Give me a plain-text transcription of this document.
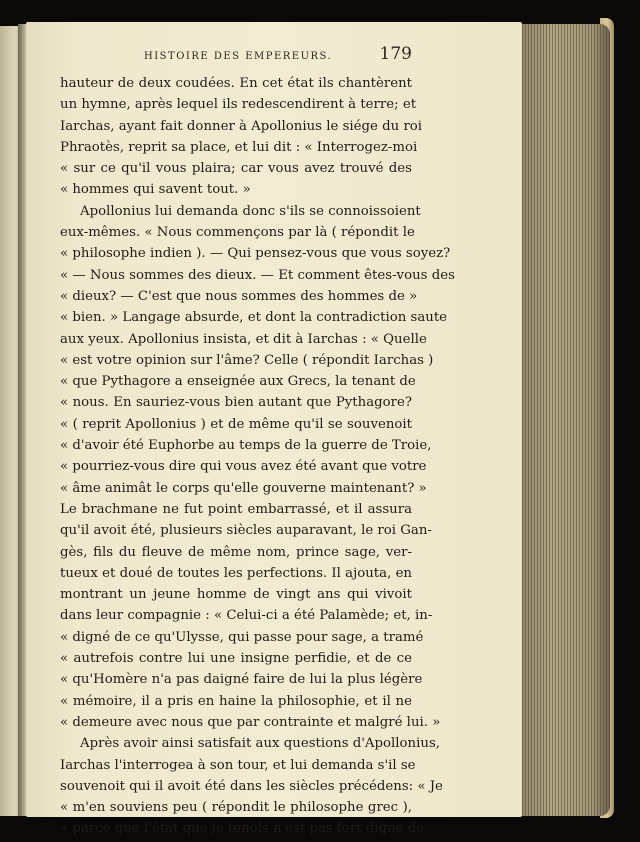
HISTOIRE DES EMPEREURS.	179
hauteur de deux coudées. En cet état ils chantèrent
un hymne, après lequel ils redescendirent à terre; et
Iarchas, ayant fait donner à Apollonius le siége du roi
Phraotès, reprit sa place, et lui dit : « Interrogez-moi
« sur ce qu'il vous plaira; car vous avez trouvé des
« hommes qui savent tout. »
Apollonius lui demanda donc s'ils se connoissoient
eux-mêmes. « Nous commençons par là ( répondit le
« philosophe indien ). — Qui pensez-vous que vous soyez?
« — Nous sommes des dieux. — Et comment êtes-vous des
« dieux? — C'est que nous sommes des hommes de »
« bien. » Langage absurde, et dont la contradiction saute
aux yeux. Apollonius insista, et dit à Iarchas : « Quelle
« est votre opinion sur l'âme? Celle ( répondit Iarchas )
« que Pythagore a enseignée aux Grecs, la tenant de
« nous. En sauriez-vous bien autant que Pythagore?
« ( reprit Apollonius ) et de même qu'il se souvenoit
« d'avoir été Euphorbe au temps de la guerre de Troie,
« pourriez-vous dire qui vous avez été avant que votre
« âme animât le corps qu'elle gouverne maintenant? »
Le brachmane ne fut point embarrassé, et il assura
qu'il avoit été, plusieurs siècles auparavant, le roi Gan-
gès, fils du fleuve de même nom, prince sage, ver-
tueux et doué de toutes les perfections. Il ajouta, en
montrant un jeune homme de vingt ans qui vivoit
dans leur compagnie : « Celui-ci a été Palamède; et, in-
« digné de ce qu'Ulysse, qui passe pour sage, a tramé
« autrefois contre lui une insigne perfidie, et de ce
« qu'Homère n'a pas daigné faire de lui la plus légère
« mémoire, il a pris en haine la philosophie, et il ne
« demeure avec nous que par contrainte et malgré lui. »
Après avoir ainsi satisfait aux questions d'Apollonius,
Iarchas l'interrogea à son tour, et lui demanda s'il se
souvenoit qui il avoit été dans les siècles précédens: « Je
« m'en souviens peu ( répondit le philosophe grec ),
« parce que l'état que je tenois n'est pas fort digne de
